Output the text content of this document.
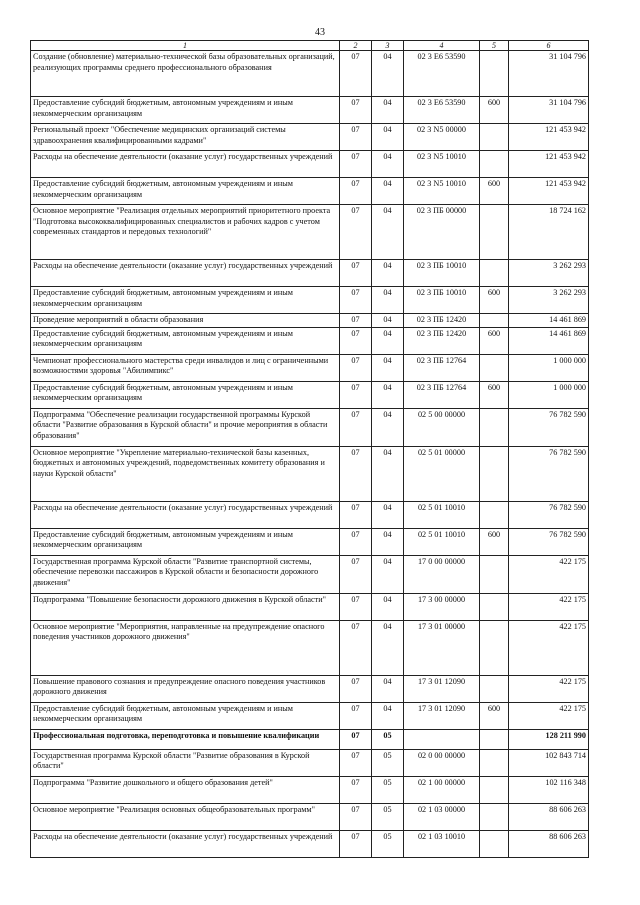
43
1	2	3	4	5	6
Создание (обновление) материально-технической базы образовательных организаций, реализующих программы среднего профессионального образования	07	04	02 3 Е6 53590		31 104 796
Предоставление субсидий бюджетным, автономным учреждениям и иным некоммерческим организациям	07	04	02 3 Е6 53590	600	31 104 796
Региональный проект "Обеспечение медицинских организаций системы здравоохранения квалифицированными кадрами"	07	04	02 3 N5 00000		121 453 942
Расходы на обеспечение деятельности (оказание услуг) государственных учреждений	07	04	02 3 N5 10010		121 453 942
Предоставление субсидий бюджетным, автономным учреждениям и иным некоммерческим организациям	07	04	02 3 N5 10010	600	121 453 942
Основное мероприятие "Реализация отдельных мероприятий приоритетного проекта "Подготовка высококвалифицированных специалистов и рабочих кадров с учетом современных стандартов и передовых технологий"	07	04	02 3 ПБ 00000		18 724 162
Расходы на обеспечение деятельности (оказание услуг) государственных учреждений	07	04	02 3 ПБ 10010		3 262 293
Предоставление субсидий бюджетным, автономным учреждениям и иным некоммерческим организациям	07	04	02 3 ПБ 10010	600	3 262 293
Проведение мероприятий в области образования	07	04	02 3 ПБ 12420		14 461 869
Предоставление субсидий бюджетным, автономным учреждениям и иным некоммерческим организациям	07	04	02 3 ПБ 12420	600	14 461 869
Чемпионат профессионального мастерства среди инвалидов и лиц с ограниченными возможностями здоровья "Абилимпикс"	07	04	02 3 ПБ 12764		1 000 000
Предоставление субсидий бюджетным, автономным учреждениям и иным некоммерческим организациям	07	04	02 3 ПБ 12764	600	1 000 000
Подпрограмма "Обеспечение реализации государственной программы Курской области "Развитие образования в Курской области" и прочие мероприятия в области образования"	07	04	02 5 00 00000		76 782 590
Основное мероприятие "Укрепление материально-технической базы казенных, бюджетных и автономных учреждений, подведомственных комитету образования и науки Курской области"	07	04	02 5 01 00000		76 782 590
Расходы на обеспечение деятельности (оказание услуг) государственных учреждений	07	04	02 5 01 10010		76 782 590
Предоставление субсидий бюджетным, автономным учреждениям и иным некоммерческим организациям	07	04	02 5 01 10010	600	76 782 590
Государственная программа Курской области "Развитие транспортной системы, обеспечение перевозки пассажиров в Курской области и безопасности дорожного движения"	07	04	17 0 00 00000		422 175
Подпрограмма "Повышение безопасности дорожного движения в Курской области"	07	04	17 3 00 00000		422 175
Основное мероприятие "Мероприятия, направленные на предупреждение опасного поведения участников дорожного движения"	07	04	17 3 01 00000		422 175
Повышение правового сознания и предупреждение опасного поведения участников дорожного движения	07	04	17 3 01 12090		422 175
Предоставление субсидий бюджетным, автономным учреждениям и иным некоммерческим организациям	07	04	17 3 01 12090	600	422 175
Профессиональная подготовка, переподготовка и повышение квалификации	07	05			128 211 990
Государственная программа Курской области "Развитие образования в Курской области"	07	05	02 0 00 00000		102 843 714
Подпрограмма "Развитие дошкольного и общего образования детей"	07	05	02 1 00 00000		102 116 348
Основное мероприятие "Реализация основных общеобразовательных программ"	07	05	02 1 03 00000		88 606 263
Расходы на обеспечение деятельности (оказание услуг) государственных учреждений	07	05	02 1 03 10010		88 606 263
